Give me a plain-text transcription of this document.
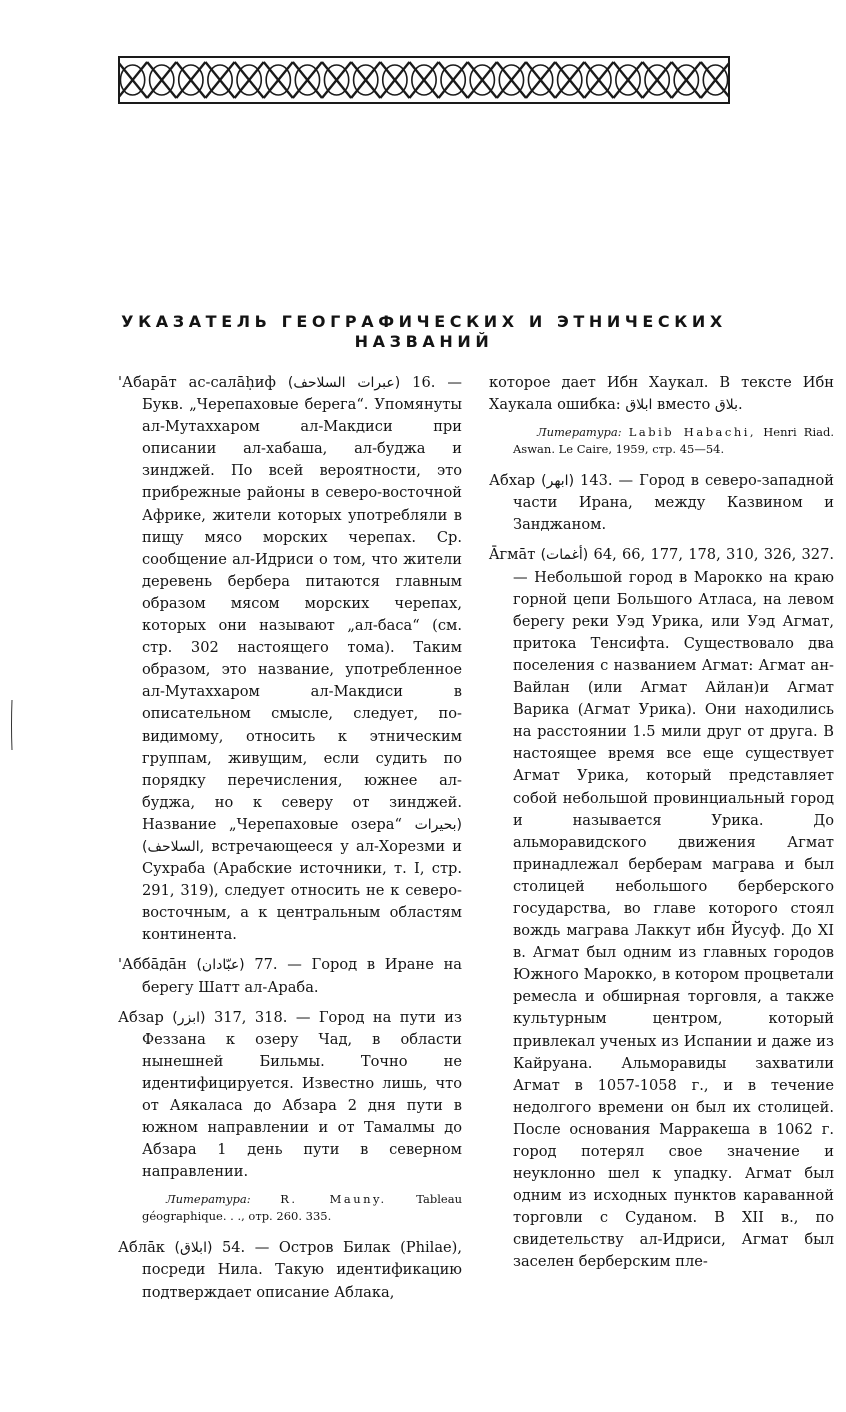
УКАЗАТЕЛЬ ГЕОГРАФИЧЕСКИХ И ЭТНИЧЕСКИХ
НАЗВАНИЙ

'Абарāт ас-салāḥиф (عبرات السلاحف) 16. — Букв. „Черепаховые берега“. Упомянуты ал-Мутаххаром ал-Макдиси при описании ал-хабаша, ал-буджа и зинджей. По всей вероятности, это прибрежные районы в северо-восточной Африке, жители которых употребляли в пищу мясо морских черепах. Ср. сообщение ал-Идриси о том, что жители деревень бербера питаются главным образом мясом морских черепах, которых они называют „ал-баса“ (см. стр. 302 настоящего тома). Таким образом, это название, употребленное ал-Мутаххаром ал-Макдиси в описательном смысле, следует, по-видимому, относить к этническим группам, живущим, если судить по порядку перечисления, южнее ал-буджа, но к северу от зинджей. Название „Черепаховые озера“ (بحيرات السلاحف), встречающееся у ал-Хорезми и Сухраба (Арабские источники, т. I, стр. 291, 319), следует относить не к северо-восточным, а к центральным областям континента.

'Аббāдāн (عبّادان) 77. — Город в Иране на берегу Шатт ал-Араба.

Абзар (ابزر) 317, 318. — Город на пути из Феззана к озеру Чад, в области нынешней Бильмы. Точно не идентифицируется. Известно лишь, что от Аякаласа до Абзара 2 дня пути в южном направлении и от Тамалмы до Абзара 1 день пути в северном направлении.

Литература:	R. Mauny. Tableau géographique. . ., отр. 260. 335.

Аблāк (ابلاق) 54. — Остров Билак (Philae), посреди Нила. Такую идентификацию подтверждает описание Аблака,

которое дает Ибн Хаукал. В тексте Ибн Хаукала ошибка: ابلاق вместо بلاق.

Литература: Labib Habachi, Henri Riad. Aswan. Le Caire, 1959, стр. 45—54.

Абхар (ابهر) 143. — Город в северо-западной части Ирана, между Казвином и Занджаном.

Āгмāт (أغمات) 64, 66, 177, 178, 310, 326, 327. — Небольшой город в Марокко на краю горной цепи Большого Атласа, на левом берегу реки Уэд Урика, или Уэд Агмат, притока Тенсифта. Существовало два поселения с названием Агмат: Агмат ан-Вайлан (или Агмат Айлан)и Агмат Варика (Агмат Урика). Они находились на расстоянии 1.5 мили друг от друга. В настоящее время все еще существует Агмат Урика, который представляет собой небольшой провинциальный город и называется Урика. До альморавидского движения Агмат принадлежал берберам маграва и был столицей небольшого берберского государства, во главе которого стоял вождь маграва Лаккут ибн Йусуф. До XI в. Агмат был одним из главных городов Южного Марокко, в котором процветали ремесла и обширная торговля, а также культурным центром, который привлекал ученых из Испании и даже из Кайруана. Альморавиды захватили Агмат в 1057-1058 г., и в течение недолгого времени он был их столицей. После основания Марракеша в 1062 г. город потерял свое значение и неуклонно шел к упадку. Агмат был одним из исходных пунктов караванной торговли с Суданом. В XII в., по свидетельству ал-Идриси, Агмат был заселен берберским пле-
